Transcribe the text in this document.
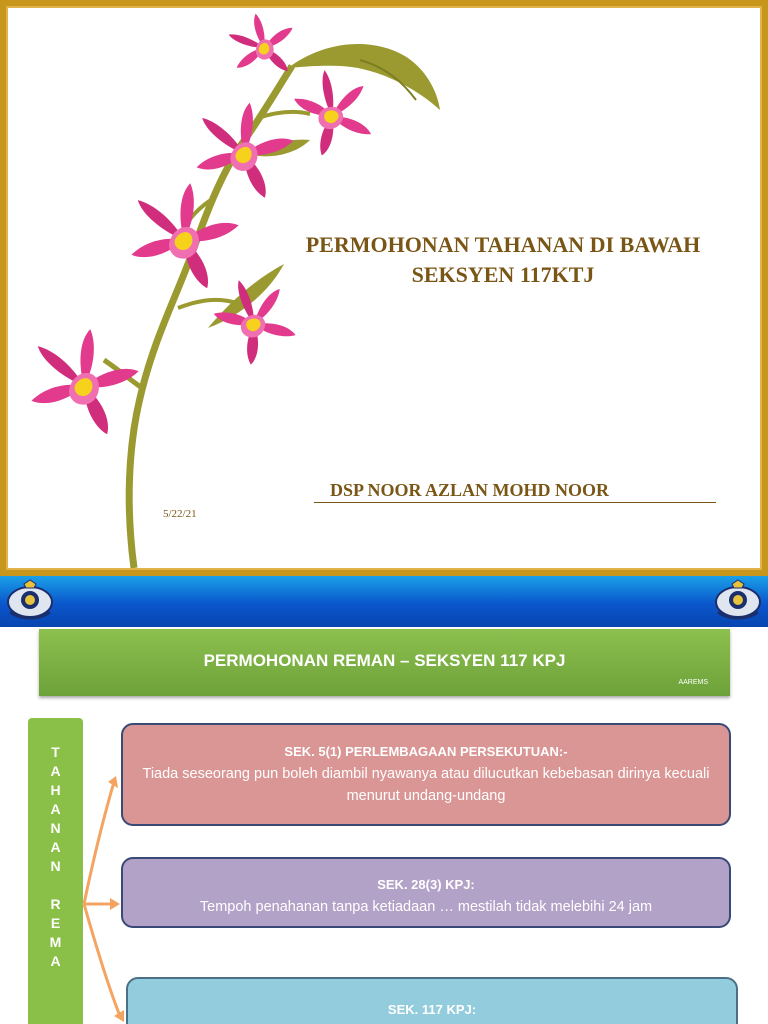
PERMOHONAN TAHANAN DI BAWAH
SEKSYEN 117KTJ
DSP NOOR AZLAN MOHD NOOR
5/22/21
PERMOHONAN REMAN – SEKSYEN 117 KPJ
AAREMS
T
A
H
A
N
A
N

R
E
M
A
SEK. 5(1) PERLEMBAGAAN PERSEKUTUAN:-
Tiada seseorang pun boleh diambil nyawanya atau dilucutkan kebebasan dirinya kecuali menurut undang-undang
SEK. 28(3) KPJ:
Tempoh penahanan tanpa ketiadaan … mestilah tidak melebihi 24 jam
SEK. 117 KPJ:
